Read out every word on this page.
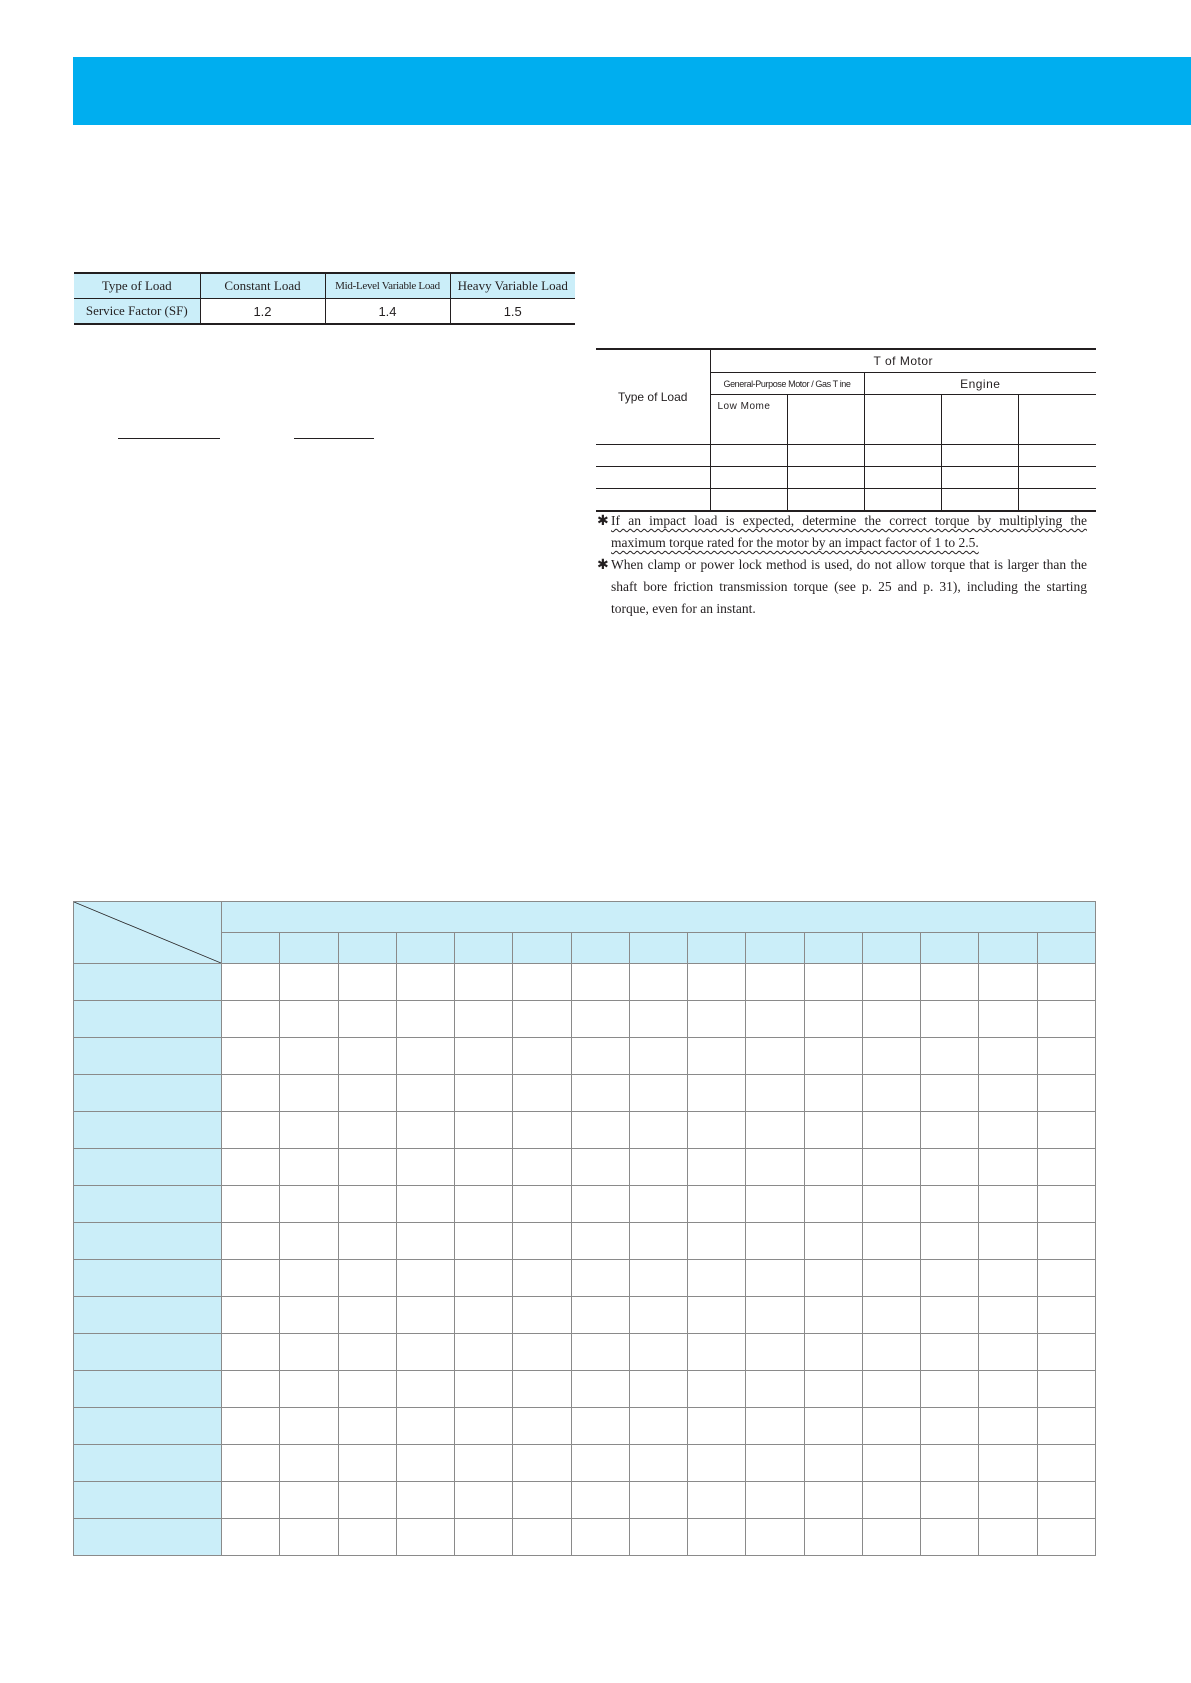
Type of Load	Constant Load	Mid-Level Variable Load	Heavy Variable Load
Service Factor (SF)	1.2	1.4	1.5
Type of Load	T of Motor				
	General-Purpose Motor / Gas T ine		Engine		
	Low Mome				

✱ If an impact load is expected, determine the correct torque by multiplying the maximum torque rated for the motor by an impact factor of 1 to 2.5.
✱ When clamp or power lock method is used, do not allow torque that is larger than the shaft bore friction transmission torque (see p. 25 and p. 31), including the starting torque, even for an instant.
